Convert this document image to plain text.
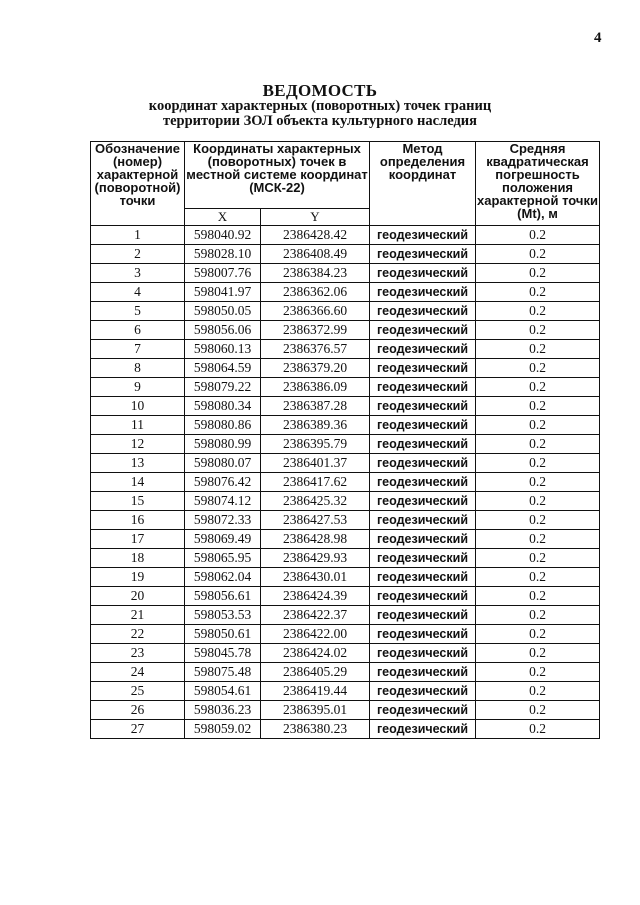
4
ВЕДОМОСТЬ
координат характерных (поворотных) точек границ
территории ЗОЛ объекта культурного наследия
Обозначение (номер) характерной (поворотной) точки	Координаты характерных (поворотных) точек в местной системе координат (МСК-22)		Метод определения координат	Средняя квадратическая погрешность положения характерной точки (Mt), м
	X	Y		
1	598040.92	2386428.42	геодезический	0.2
2	598028.10	2386408.49	геодезический	0.2
3	598007.76	2386384.23	геодезический	0.2
4	598041.97	2386362.06	геодезический	0.2
5	598050.05	2386366.60	геодезический	0.2
6	598056.06	2386372.99	геодезический	0.2
7	598060.13	2386376.57	геодезический	0.2
8	598064.59	2386379.20	геодезический	0.2
9	598079.22	2386386.09	геодезический	0.2
10	598080.34	2386387.28	геодезический	0.2
11	598080.86	2386389.36	геодезический	0.2
12	598080.99	2386395.79	геодезический	0.2
13	598080.07	2386401.37	геодезический	0.2
14	598076.42	2386417.62	геодезический	0.2
15	598074.12	2386425.32	геодезический	0.2
16	598072.33	2386427.53	геодезический	0.2
17	598069.49	2386428.98	геодезический	0.2
18	598065.95	2386429.93	геодезический	0.2
19	598062.04	2386430.01	геодезический	0.2
20	598056.61	2386424.39	геодезический	0.2
21	598053.53	2386422.37	геодезический	0.2
22	598050.61	2386422.00	геодезический	0.2
23	598045.78	2386424.02	геодезический	0.2
24	598075.48	2386405.29	геодезический	0.2
25	598054.61	2386419.44	геодезический	0.2
26	598036.23	2386395.01	геодезический	0.2
27	598059.02	2386380.23	геодезический	0.2
